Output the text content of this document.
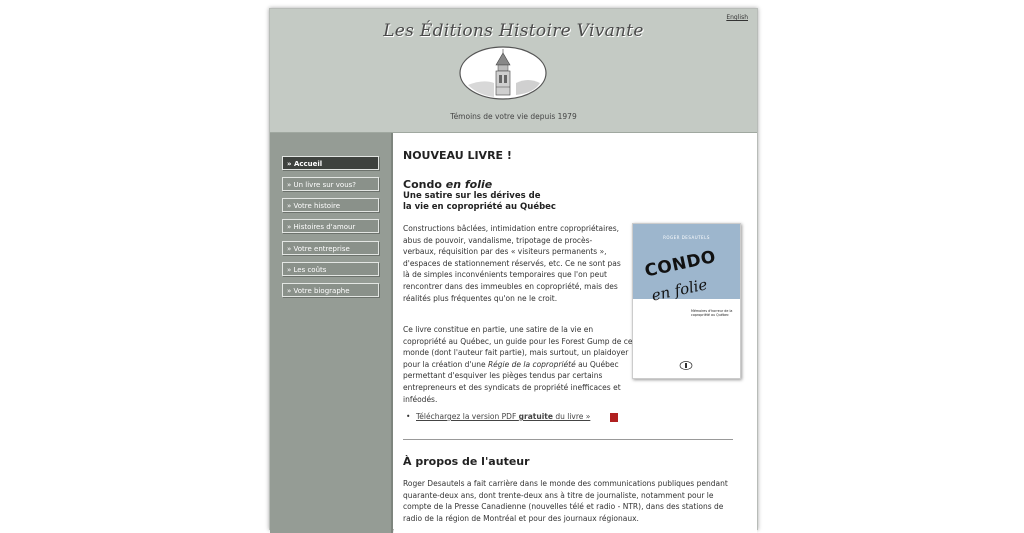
English
Les Éditions Histoire Vivante
Témoins de votre vie depuis 1979
» Accueil
» Un livre sur vous?
» Votre histoire
» Histoires d'amour
» Votre entreprise
» Les coûts
» Votre biographe
NOUVEAU LIVRE !
Condo en folie
Une satire sur les dérives de
la vie en copropriété au Québec
Constructions bâclées, intimidation entre copropriétaires, abus de pouvoir, vandalisme, tripotage de procès-verbaux, réquisition par des « visiteurs permanents », d'espaces de stationnement réservés, etc. Ce ne sont pas là de simples inconvénients temporaires que l'on peut rencontrer dans des immeubles en copropriété, mais des réalités plus fréquentes qu'on ne le croit.
Ce livre constitue en partie, une satire de la vie en copropriété au Québec, un guide pour les Forest Gump de ce monde (dont l'auteur fait partie), mais surtout, un plaidoyer pour la création d'une Régie de la copropriété au Québec permettant d'esquiver les pièges tendus par certains entrepreneurs et des syndicats de propriété inefficaces et inféodés.
ROGER DESAUTELS
CONDO
en folie
Mémoires d'horreur de la copropriété au Québec
• Téléchargez la version PDF gratuite du livre »
À propos de l'auteur
Roger Desautels a fait carrière dans le monde des communications publiques pendant quarante-deux ans, dont trente-deux ans à titre de journaliste, notamment pour le compte de la Presse Canadienne (nouvelles télé et radio - NTR), dans des stations de radio de la région de Montréal et pour des journaux régionaux.
